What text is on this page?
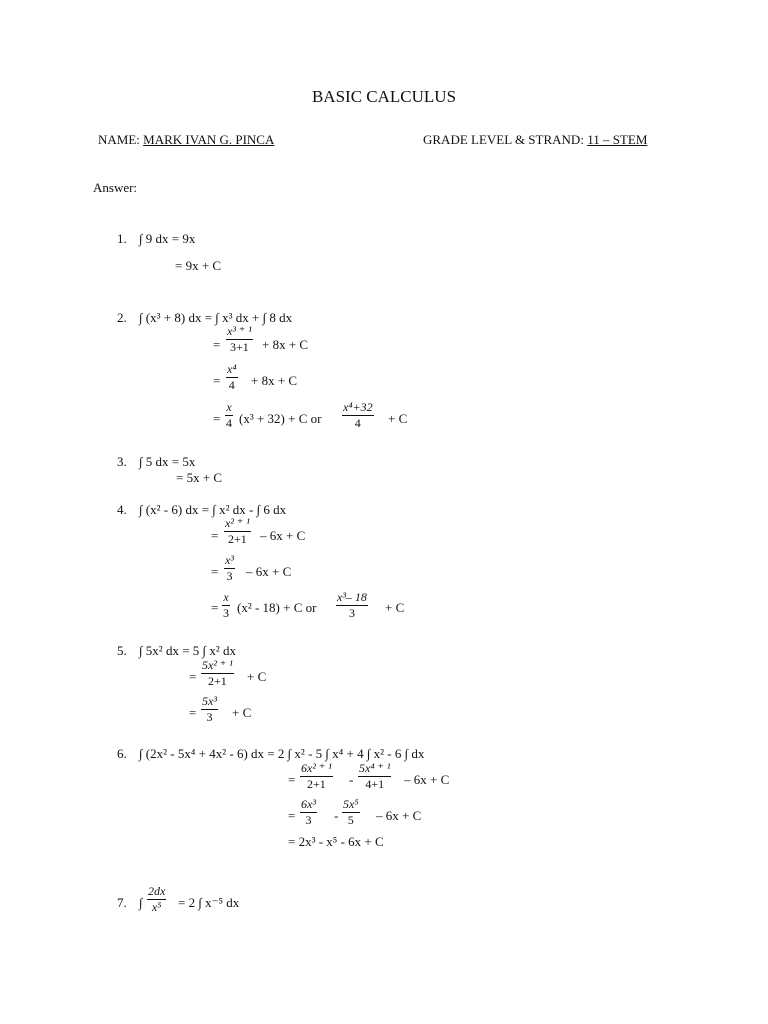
BASIC CALCULUS
NAME: MARK IVAN G. PINCA	GRADE LEVEL & STRAND: 11 – STEM
Answer:
1. ∫ 9 dx = 9x
= 9x + C
2. ∫ (x³ + 8) dx = ∫ x³ dx + ∫ 8 dx
=
x³ ⁺ ¹
3+1	+ 8x + C
=
x⁴
4 + 8x + C
=
x
4 (x³ + 32) + C or
x⁴+32
4	+ C
3. ∫ 5 dx = 5x
= 5x + C
4. ∫ (x² - 6) dx = ∫ x² dx - ∫ 6 dx
=
x² ⁺ ¹
2+1	– 6x + C
=
x³
3 – 6x + C
=
x
3 (x² - 18) + C or
x³– 18
3	+ C
5. ∫ 5x² dx = 5 ∫ x² dx
=
5x² ⁺ ¹
2+1	+ C
=
5x³
3	+ C
6. ∫ (2x² - 5x⁴ + 4x² - 6) dx = 2 ∫ x² - 5 ∫ x⁴ + 4 ∫ x² - 6 ∫ dx
=
6x² ⁺ ¹
2+1	-
5x⁴ ⁺ ¹
4+1	– 6x + C
=
6x³
3	-
5x⁵
5	– 6x + C
= 2x³ - x⁵ - 6x + C
7. ∫
2dx
x⁵	= 2 ∫ x⁻⁵ dx
